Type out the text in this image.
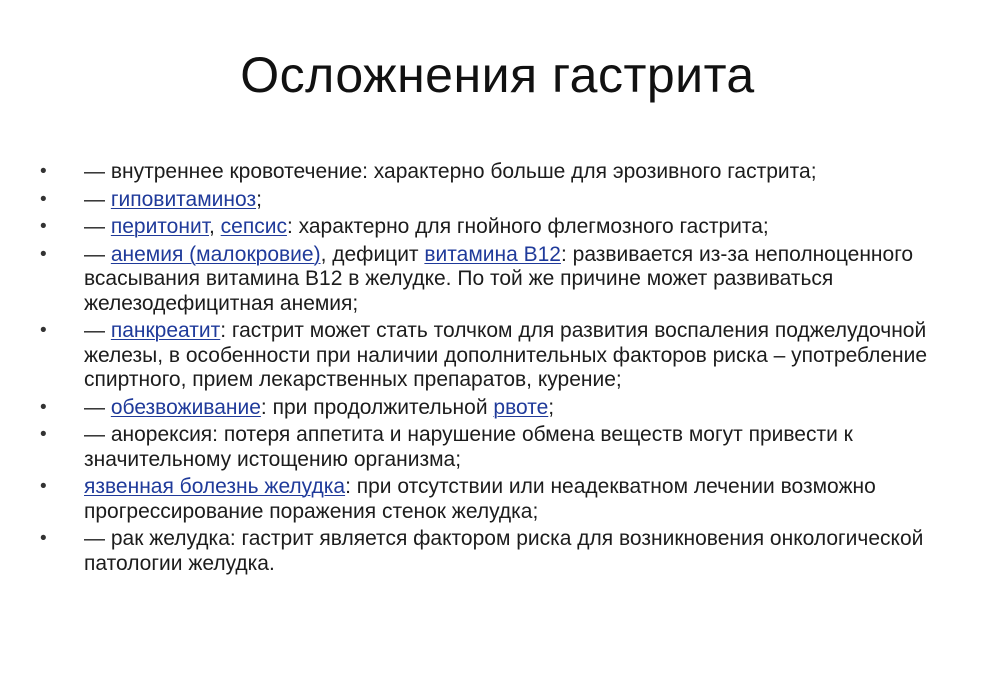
Осложнения гастрита
• — внутреннее кровотечение: характерно больше для эрозивного гастрита;
• — гиповитаминоз;
• — перитонит, сепсис: характерно для гнойного флегмозного гастрита;
• — анемия (малокровие), дефицит витамина В12: развивается из-за неполноценного всасывания витамина В12 в желудке. По той же причине может развиваться железодефицитная анемия;
• — панкреатит: гастрит может стать толчком для развития воспаления поджелудочной железы, в особенности при наличии дополнительных факторов риска – употребление спиртного, прием лекарственных препаратов, курение;
• — обезвоживание: при продолжительной рвоте;
• — анорексия: потеря аппетита и нарушение обмена веществ могут привести к значительному истощению организма;
• язвенная болезнь желудка: при отсутствии или неадекватном лечении возможно прогрессирование поражения стенок желудка;
• — рак желудка: гастрит является фактором риска для возникновения онкологической патологии желудка.
